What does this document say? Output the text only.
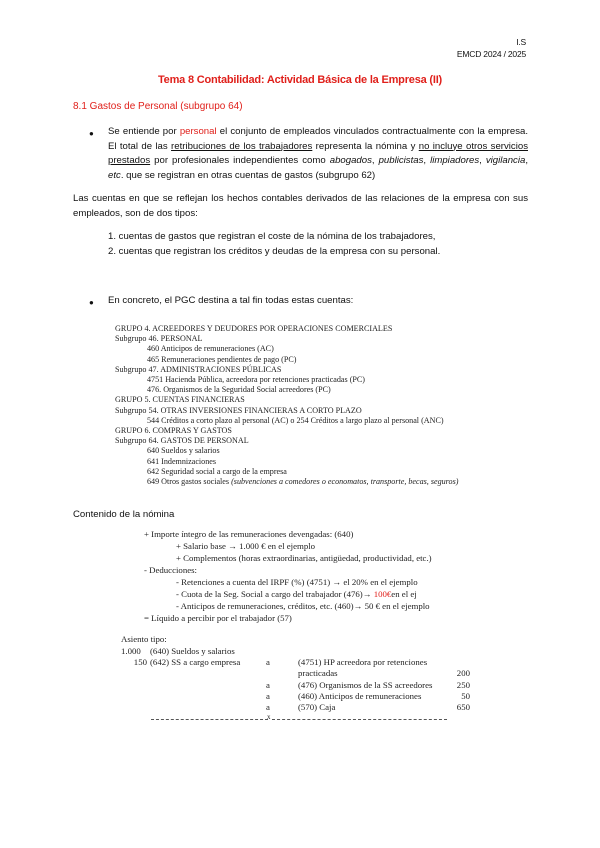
I.S
EMCD 2024 / 2025
Tema 8 Contabilidad: Actividad Básica de la Empresa (II)
8.1 Gastos de Personal (subgrupo 64)
● Se entiende por personal el conjunto de empleados vinculados contractualmente con la empresa. El total de las retribuciones de los trabajadores representa la nómina y no incluye otros servicios prestados por profesionales independientes como abogados, publicistas, limpiadores, vigilancia, etc. que se registran en otras cuentas de gastos (subgrupo 62)
Las cuentas en que se reflejan los hechos contables derivados de las relaciones de la empresa con sus empleados, son de dos tipos:
1. cuentas de gastos que registran el coste de la nómina de los trabajadores,
2. cuentas que registran los créditos y deudas de la empresa con su personal.
● En concreto, el PGC destina a tal fin todas estas cuentas:
GRUPO 4. ACREEDORES Y DEUDORES POR OPERACIONES COMERCIALES
Subgrupo 46. PERSONAL
460 Anticipos de remuneraciones (AC)
465 Remuneraciones pendientes de pago (PC)
Subgrupo 47. ADMINISTRACIONES PÚBLICAS
4751 Hacienda Pública, acreedora por retenciones practicadas (PC)
476. Organismos de la Seguridad Social acreedores (PC)
GRUPO 5. CUENTAS FINANCIERAS
Subgrupo 54. OTRAS INVERSIONES FINANCIERAS A CORTO PLAZO
544 Créditos a corto plazo al personal (AC) o 254 Créditos a largo plazo al personal (ANC)
GRUPO 6. COMPRAS Y GASTOS
Subgrupo 64. GASTOS DE PERSONAL
640 Sueldos y salarios
641 Indemnizaciones
642 Seguridad social a cargo de la empresa
649 Otros gastos sociales (subvenciones a comedores o economatos, transporte, becas, seguros)
Contenido de la nómina
+ Importe íntegro de las remuneraciones devengadas: (640)
+ Salario base → 1.000 € en el ejemplo
+ Complementos (horas extraordinarias, antigüedad, productividad, etc.)
- Deducciones:
- Retenciones a cuenta del IRPF (%) (4751) → el 20% en el ejemplo
- Cuota de la Seg. Social a cargo del trabajador (476)→ 100€en el ej
- Anticipos de remuneraciones, créditos, etc. (460)→ 50 € en el ejemplo
= Líquido a percibir por el trabajador (57)
Asiento tipo:
1.000	(640) Sueldos y salarios
150 (642) SS a cargo empresa	a	(4751) HP acreedora por retenciones
practicadas	200
a	(476) Organismos de la SS acreedores	250
a	(460) Anticipos de remuneraciones	50
a	(570) Caja	650
x
